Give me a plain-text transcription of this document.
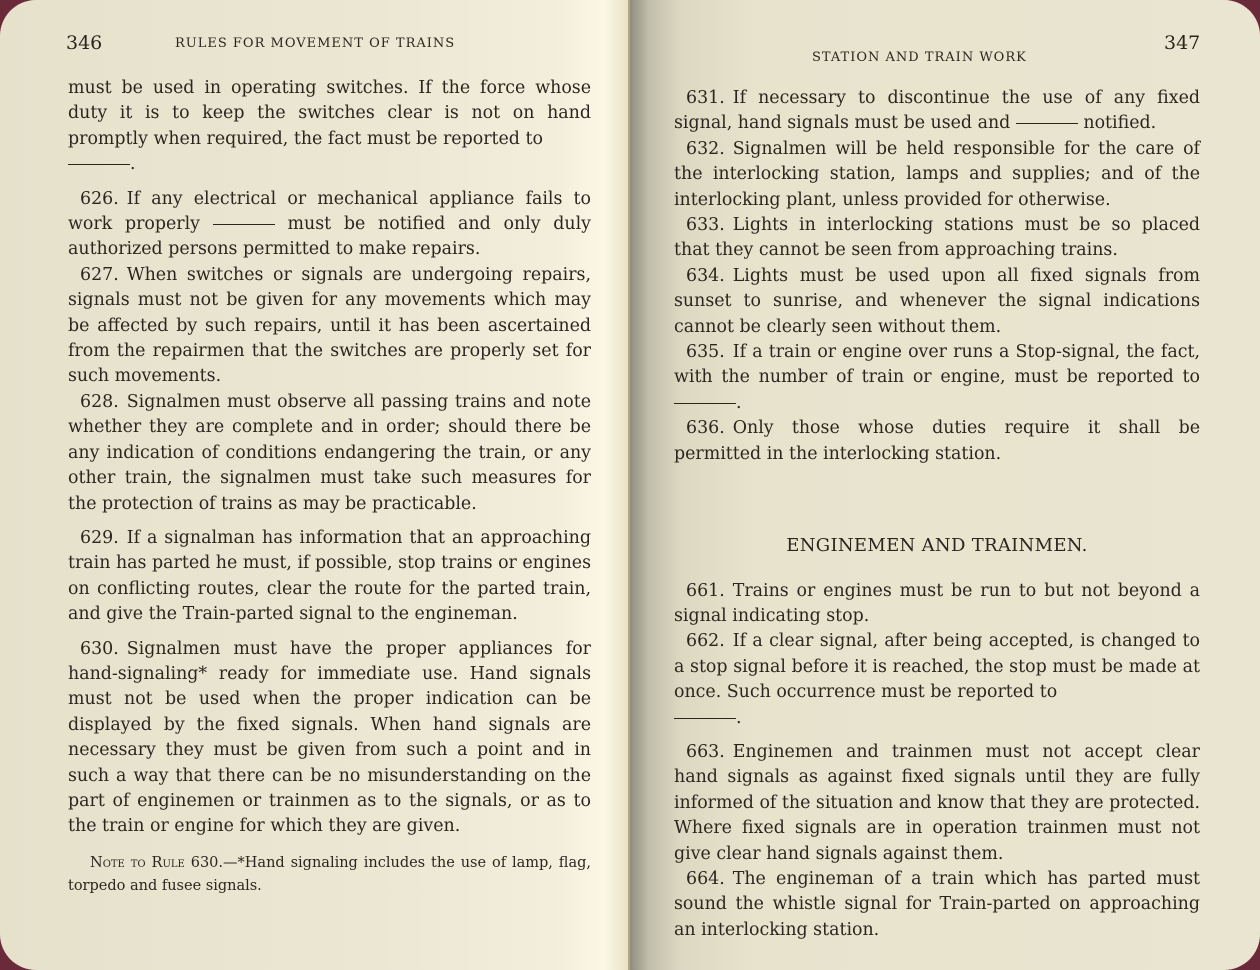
346	RULES FOR MOVEMENT OF TRAINS

must be used in operating switches. If the force whose duty it is to keep the switches clear is not on hand promptly when required, the fact must be reported to
.

626. If any electrical or mechanical appliance fails to work properly	must be notified and only duly authorized persons permitted to make repairs.

627. When switches or signals are undergoing repairs, signals must not be given for any movements which may be affected by such repairs, until it has been ascertained from the repairmen that the switches are properly set for such movements.

628. Signalmen must observe all passing trains and note whether they are complete and in order; should there be any indication of conditions endangering the train, or any other train, the signalmen must take such measures for the protection of trains as may be practicable.

629. If a signalman has information that an approaching train has parted he must, if possible, stop trains or engines on conflicting routes, clear the route for the parted train, and give the Train-parted signal to the engineman.

630. Signalmen must have the proper appliances for hand-signaling* ready for immediate use. Hand signals must not be used when the proper indication can be displayed by the fixed signals. When hand signals are necessary they must be given from such a point and in such a way that there can be no misunderstanding on the part of enginemen or trainmen as to the signals, or as to the train or engine for which they are given.

Note to Rule 630.—*Hand signaling includes the use of lamp, flag, torpedo and fusee signals.

STATION AND TRAIN WORK
347

631. If necessary to discontinue the use of any fixed signal, hand signals must be used and	notified.

632. Signalmen will be held responsible for the care of the interlocking station, lamps and supplies; and of the interlocking plant, unless provided for otherwise.

633. Lights in interlocking stations must be so placed that they cannot be seen from approaching trains.

634. Lights must be used upon all fixed signals from sunset to sunrise, and whenever the signal indications cannot be clearly seen without them.

635. If a train or engine over runs a Stop-signal, the fact, with the number of train or engine, must be reported to .

636. Only those whose duties require it shall be permitted in the interlocking station.

ENGINEMEN AND TRAINMEN.

661. Trains or engines must be run to but not beyond a signal indicating stop.

662. If a clear signal, after being accepted, is changed to a stop signal before it is reached, the stop must be made at once. Such occurrence must be reported to
.

663. Enginemen and trainmen must not accept clear hand signals as against fixed signals until they are fully informed of the situation and know that they are protected. Where fixed signals are in operation trainmen must not give clear hand signals against them.

664. The engineman of a train which has parted must sound the whistle signal for Train-parted on approaching an interlocking station.
